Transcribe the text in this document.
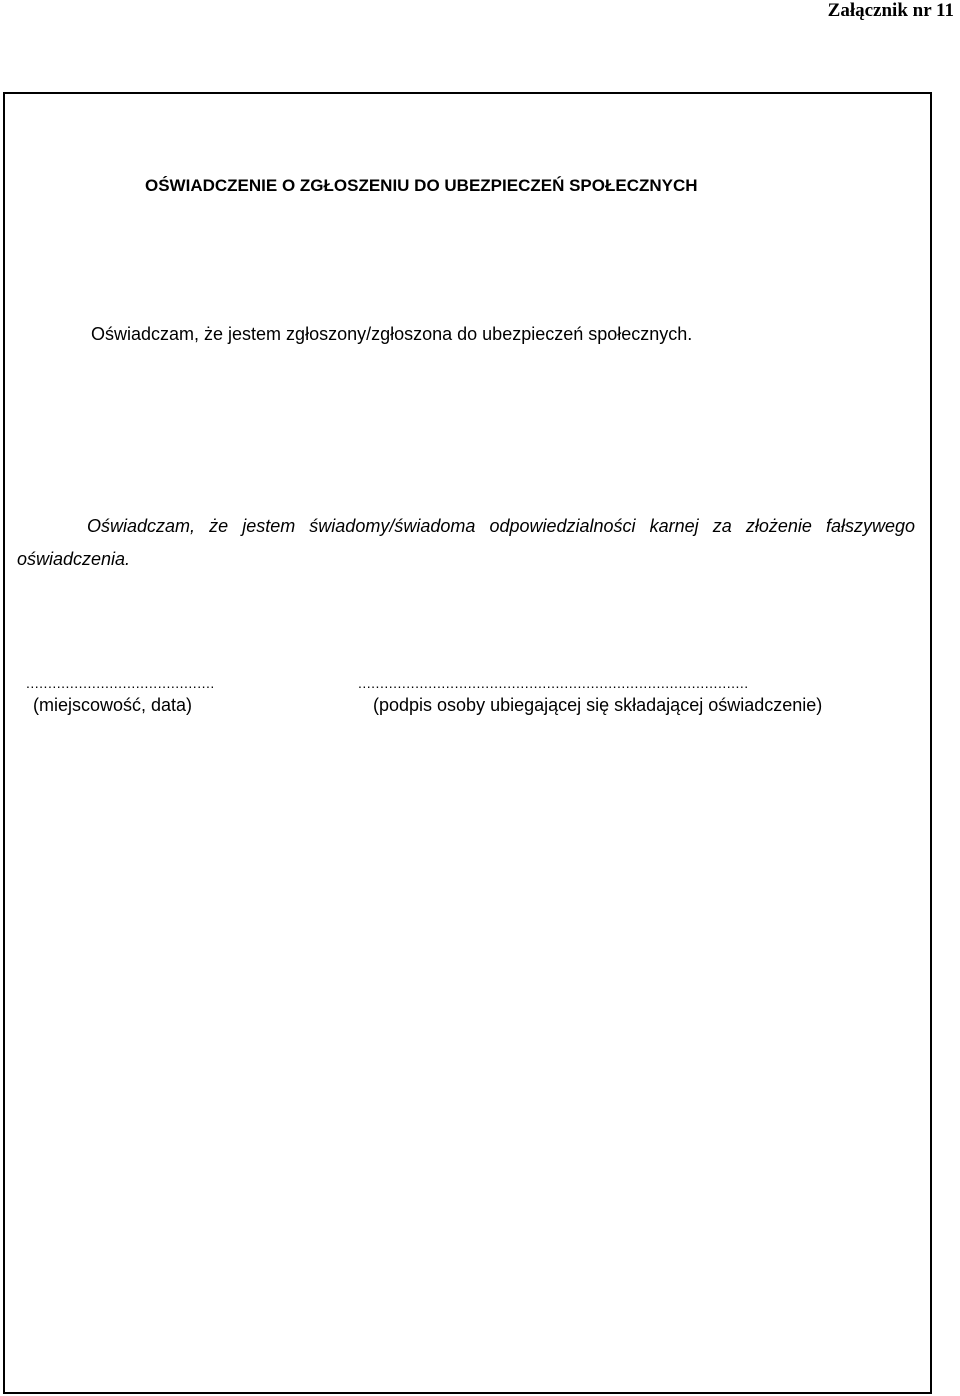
Załącznik nr 11
OŚWIADCZENIE O ZGŁOSZENIU DO UBEZPIECZEŃ SPOŁECZNYCH
Oświadczam, że jestem zgłoszony/zgłoszona do ubezpieczeń społecznych.
Oświadczam, że jestem świadomy/świadoma odpowiedzialności karnej za złożenie fałszywego oświadczenia.
...........................................	.........................................................................................
(miejscowość, data)	(podpis osoby ubiegającej się składającej oświadczenie)
